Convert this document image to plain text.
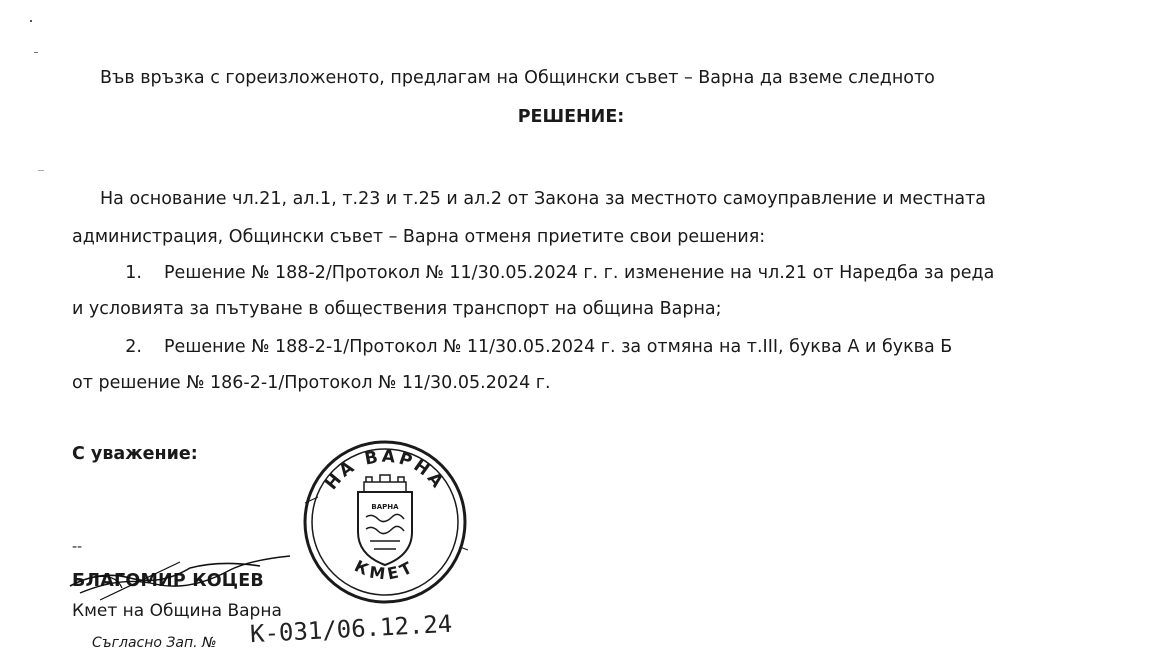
Във връзка с гореизложеното, предлагам на Общински съвет – Варна да вземе следното
РЕШЕНИЕ:
На основание чл.21, ал.1, т.23 и т.25 и ал.2 от Закона за местното самоуправление и местната
администрация, Общински съвет – Варна отменя приетите свои решения:
1. Решение № 188-2/Протокол № 11/30.05.2024 г. г. изменение на чл.21 от Наредба за реда
и условията за пътуване в обществения транспорт на община Варна;
2. Решение № 188-2-1/Протокол № 11/30.05.2024 г. за отмяна на т.III, буква А и буква Б
от решение № 186-2-1/Протокол № 11/30.05.2024 г.
С уважение:
НА ВАРНА
КМЕТ
ВАРНА
--
БЛАГОМИР КОЦЕВ
Кмет на Община Варна
Съгласно Зап. № К-031/06.12.24
